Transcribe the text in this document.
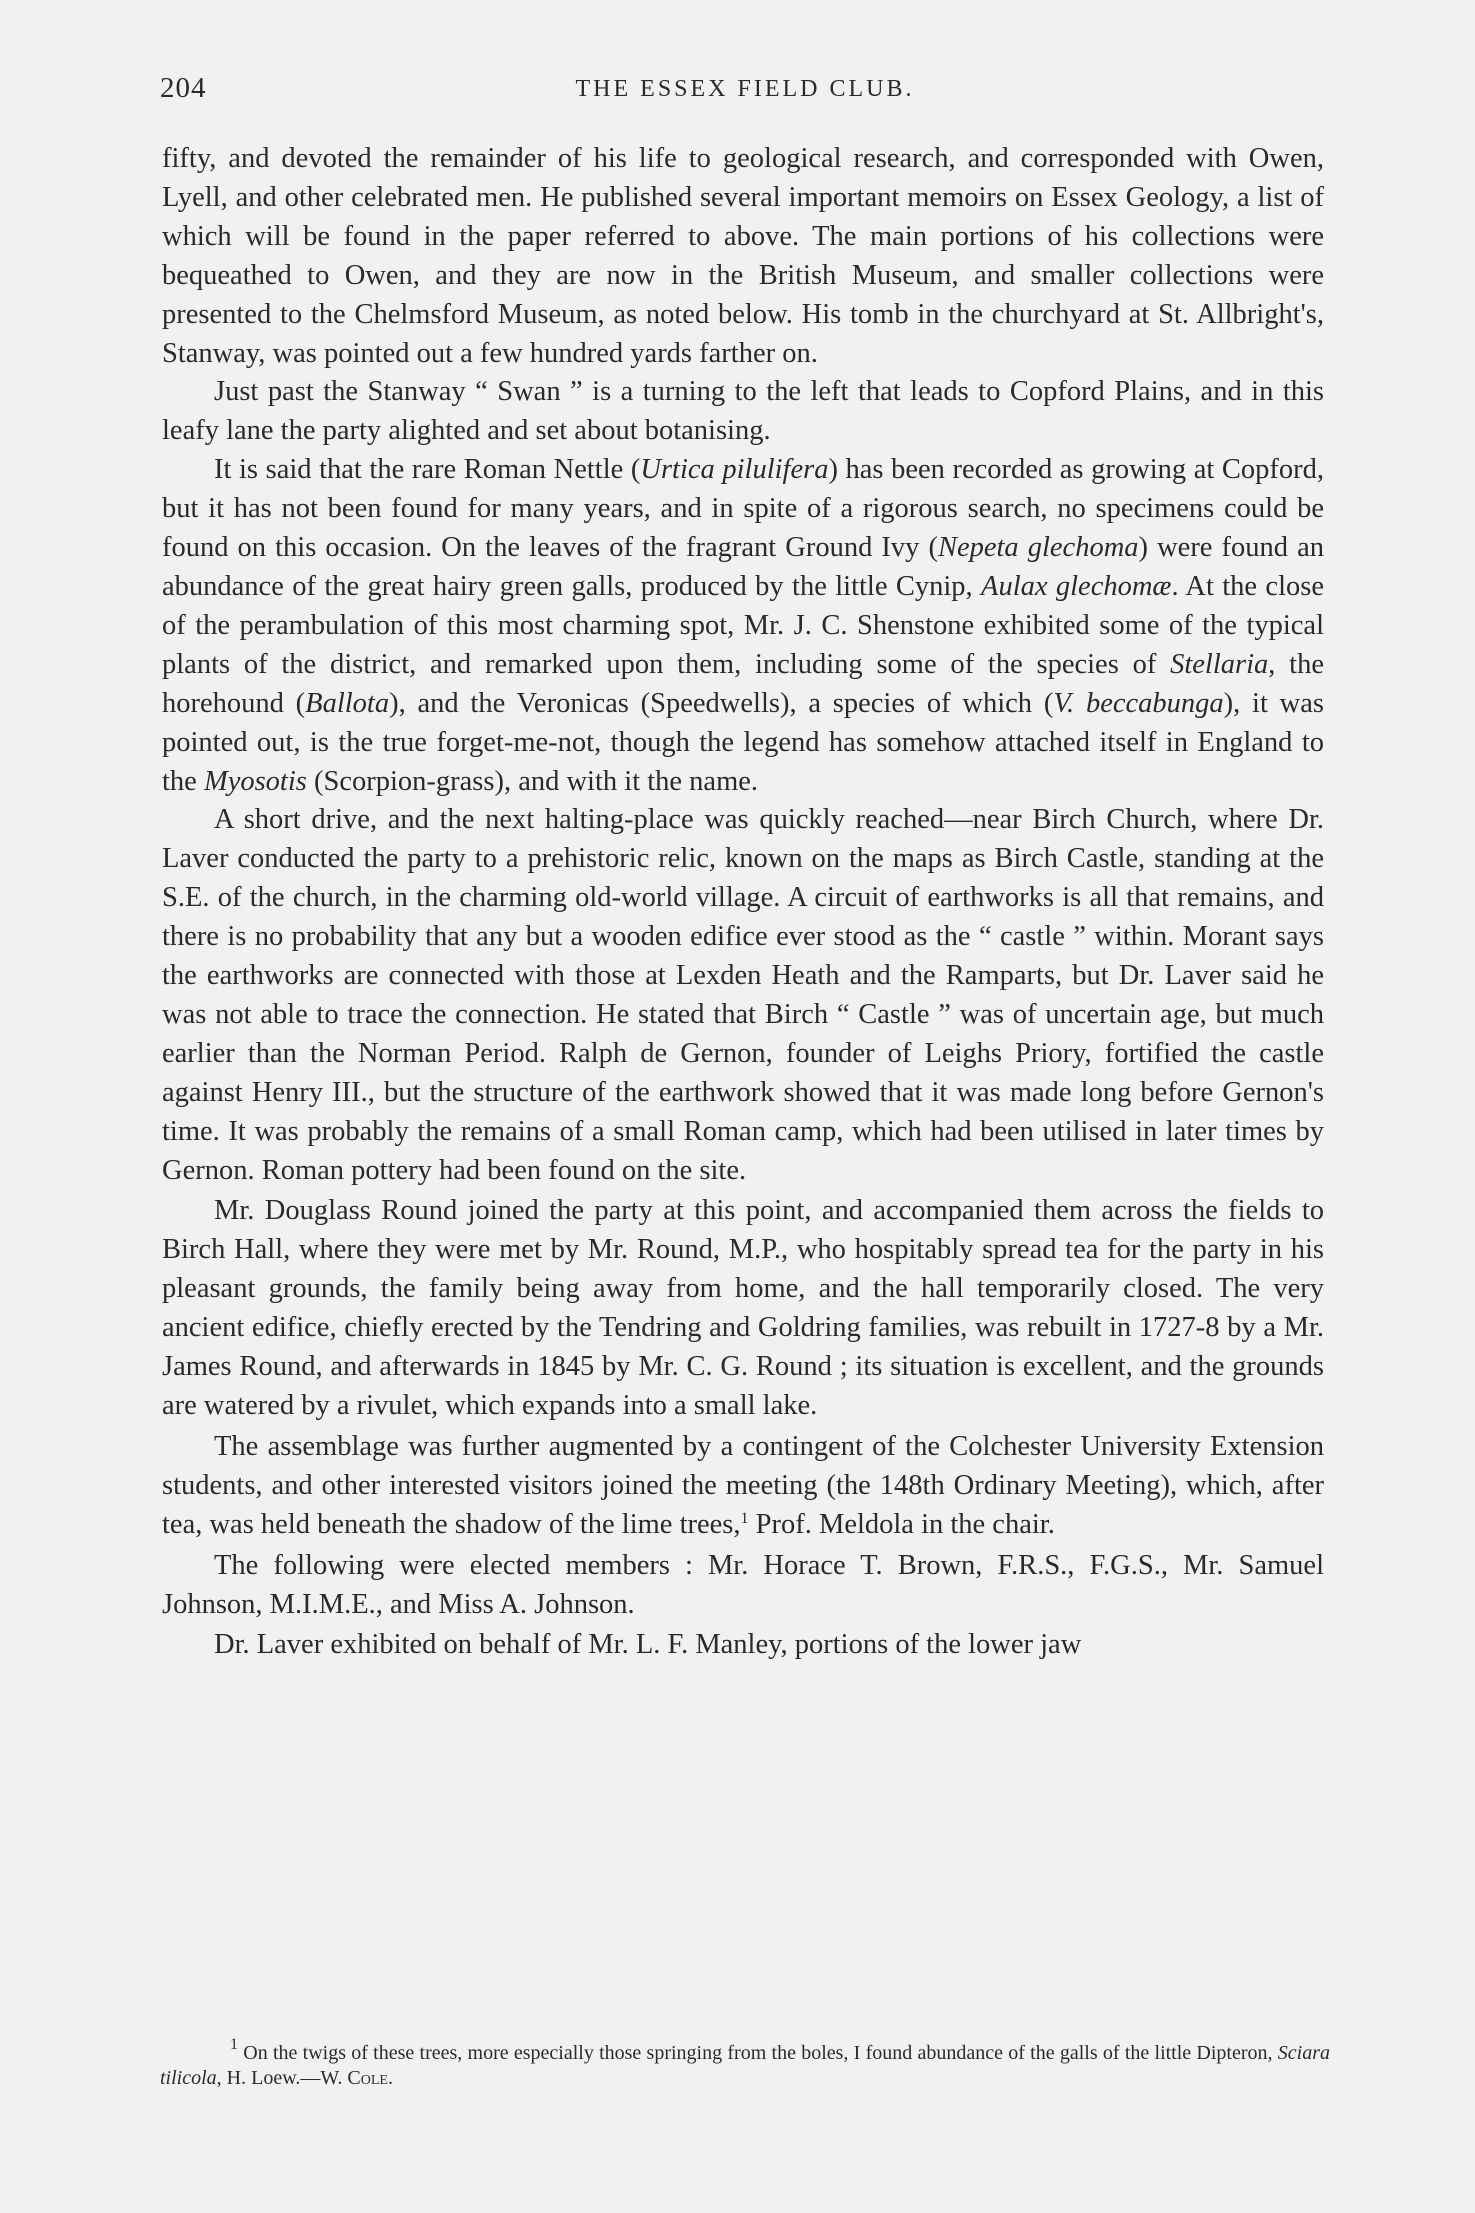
204	THE ESSEX FIELD CLUB.

fifty, and devoted the remainder of his life to geological research, and corresponded with Owen, Lyell, and other celebrated men. He published several important memoirs on Essex Geology, a list of which will be found in the paper referred to above. The main portions of his collections were bequeathed to Owen, and they are now in the British Museum, and smaller collections were presented to the Chelmsford Museum, as noted below. His tomb in the churchyard at St. Allbright's, Stanway, was pointed out a few hundred yards farther on.

Just past the Stanway “ Swan ” is a turning to the left that leads to Copford Plains, and in this leafy lane the party alighted and set about botanising.

It is said that the rare Roman Nettle (Urtica pilulifera) has been recorded as growing at Copford, but it has not been found for many years, and in spite of a rigorous search, no specimens could be found on this occasion. On the leaves of the fragrant Ground Ivy (Nepeta glechoma) were found an abundance of the great hairy green galls, produced by the little Cynip, Aulax glechomæ. At the close of the perambulation of this most charming spot, Mr. J. C. Shenstone exhibited some of the typical plants of the district, and remarked upon them, including some of the species of Stellaria, the horehound (Ballota), and the Veronicas (Speedwells), a species of which (V. beccabunga), it was pointed out, is the true forget-me-not, though the legend has somehow attached itself in England to the Myosotis (Scorpion-grass), and with it the name.

A short drive, and the next halting-place was quickly reached—near Birch Church, where Dr. Laver conducted the party to a prehistoric relic, known on the maps as Birch Castle, standing at the S.E. of the church, in the charming old-world village. A circuit of earthworks is all that remains, and there is no probability that any but a wooden edifice ever stood as the “ castle ” within. Morant says the earthworks are connected with those at Lexden Heath and the Ramparts, but Dr. Laver said he was not able to trace the connection. He stated that Birch “ Castle ” was of uncertain age, but much earlier than the Norman Period. Ralph de Gernon, founder of Leighs Priory, fortified the castle against Henry III., but the structure of the earthwork showed that it was made long before Gernon's time. It was probably the remains of a small Roman camp, which had been utilised in later times by Gernon. Roman pottery had been found on the site.

Mr. Douglass Round joined the party at this point, and accompanied them across the fields to Birch Hall, where they were met by Mr. Round, M.P., who hospitably spread tea for the party in his pleasant grounds, the family being away from home, and the hall temporarily closed. The very ancient edifice, chiefly erected by the Tendring and Goldring families, was rebuilt in 1727-8 by a Mr. James Round, and afterwards in 1845 by Mr. C. G. Round ; its situation is excellent, and the grounds are watered by a rivulet, which expands into a small lake.

The assemblage was further augmented by a contingent of the Colchester University Extension students, and other interested visitors joined the meeting (the 148th Ordinary Meeting), which, after tea, was held beneath the shadow of the lime trees,$^1$ Prof. Meldola in the chair.

The following were elected members : Mr. Horace T. Brown, F.R.S., F.G.S., Mr. Samuel Johnson, M.I.M.E., and Miss A. Johnson.

Dr. Laver exhibited on behalf of Mr. L. F. Manley, portions of the lower jaw

$^1$ On the twigs of these trees, more especially those springing from the boles, I found abundance of the galls of the little Dipteron, Sciara tilicola, H. Loew.—W. Cole.
